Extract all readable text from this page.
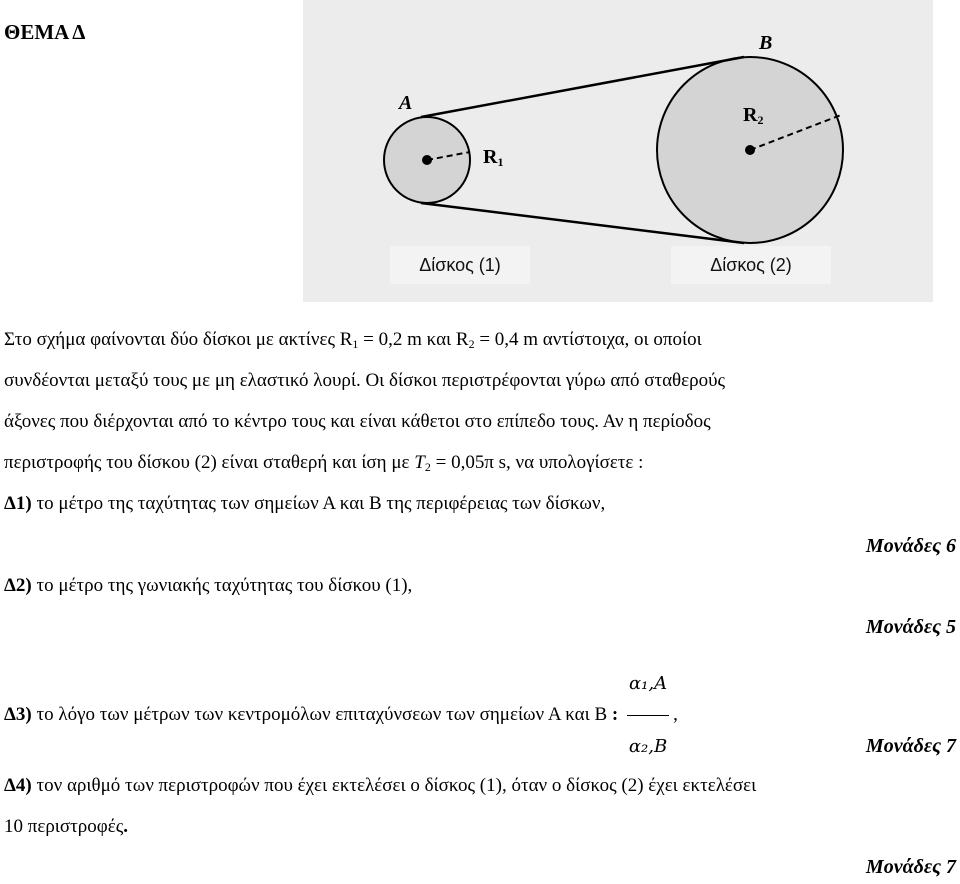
ΘΕΜΑ Δ
A
B
$R_1$
$R_2$
Δίσκος (1)	Δίσκος (2)
Στο σχήμα φαίνονται δύο δίσκοι με ακτίνες $R_1 = 0,2$ m και $R_2 = 0,4$ m αντίστοιχα, οι οποίοι
συνδέονται μεταξύ τους με μη ελαστικό λουρί. Οι δίσκοι περιστρέφονται γύρω από σταθερούς
άξονες που διέρχονται από το κέντρο τους και είναι κάθετοι στο επίπεδο τους. Αν η περίοδος
περιστροφής του δίσκου (2) είναι σταθερή και ίση με $T_2 = 0,05\pi$ s, να υπολογίσετε :
Δ1) το μέτρο της ταχύτητας των σημείων Α και Β της περιφέρειας των δίσκων,
Μονάδες 6
Δ2) το μέτρο της γωνιακής ταχύτητας του δίσκου (1),
Μονάδες 5
Δ3) το λόγο των μέτρων των κεντρομόλων επιταχύνσεων των σημείων Α και Β : $\frac{\text{α₁,A}}{\text{α₂,B}}$ ,
Μονάδες 7
Δ4) τον αριθμό των περιστροφών που έχει εκτελέσει ο δίσκος (1), όταν ο δίσκος (2) έχει εκτελέσει
10 περιστροφές.
Μονάδες 7
